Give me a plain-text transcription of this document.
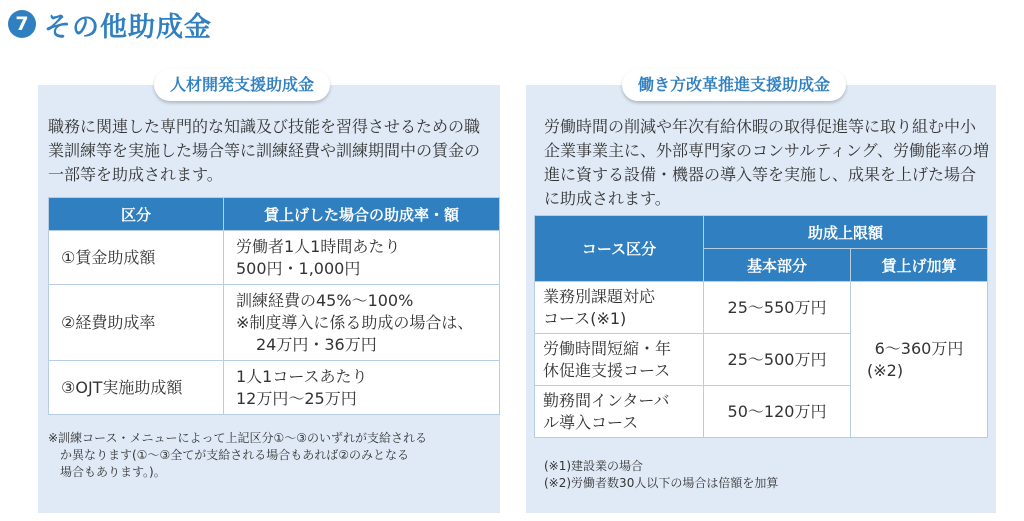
7 その他助成金
人材開発支援助成金
職務に関連した専門的な知識及び技能を習得させるための職業訓練等を実施した場合等に訓練経費や訓練期間中の賃金の一部等を助成されます。
区分	賃上げした場合の助成率・額
①賃金助成額	労働者1人1時間あたり
500円・1,000円

②経費助成率	訓練経費の45%～100%
※制度導入に係る助成の場合は、
24万円・36万円

③OJT実施助成額	1人1コースあたり
12万円～25万円
※訓練コース・メニューによって上記区分①～③のいずれが支給される
か異なります(①～③全てが支給される場合もあれば②のみとなる
場合もあります。)。
働き方改革推進支援助成金
労働時間の削減や年次有給休暇の取得促進等に取り組む中小企業事業主に、外部専門家のコンサルティング、労働能率の増進に資する設備・機器の導入等を実施し、成果を上げた場合に助成されます。
コース区分	助成上限額	
	基本部分	賃上げ加算

業務別課題対応
コース(※1)	25～550万円	6～360万円
(※2)

労働時間短縮・年
休促進支援コース	25～500万円	

勤務間インターバ
ル導入コース	50～120万円	
(※1)建設業の場合
(※2)労働者数30人以下の場合は倍額を加算
